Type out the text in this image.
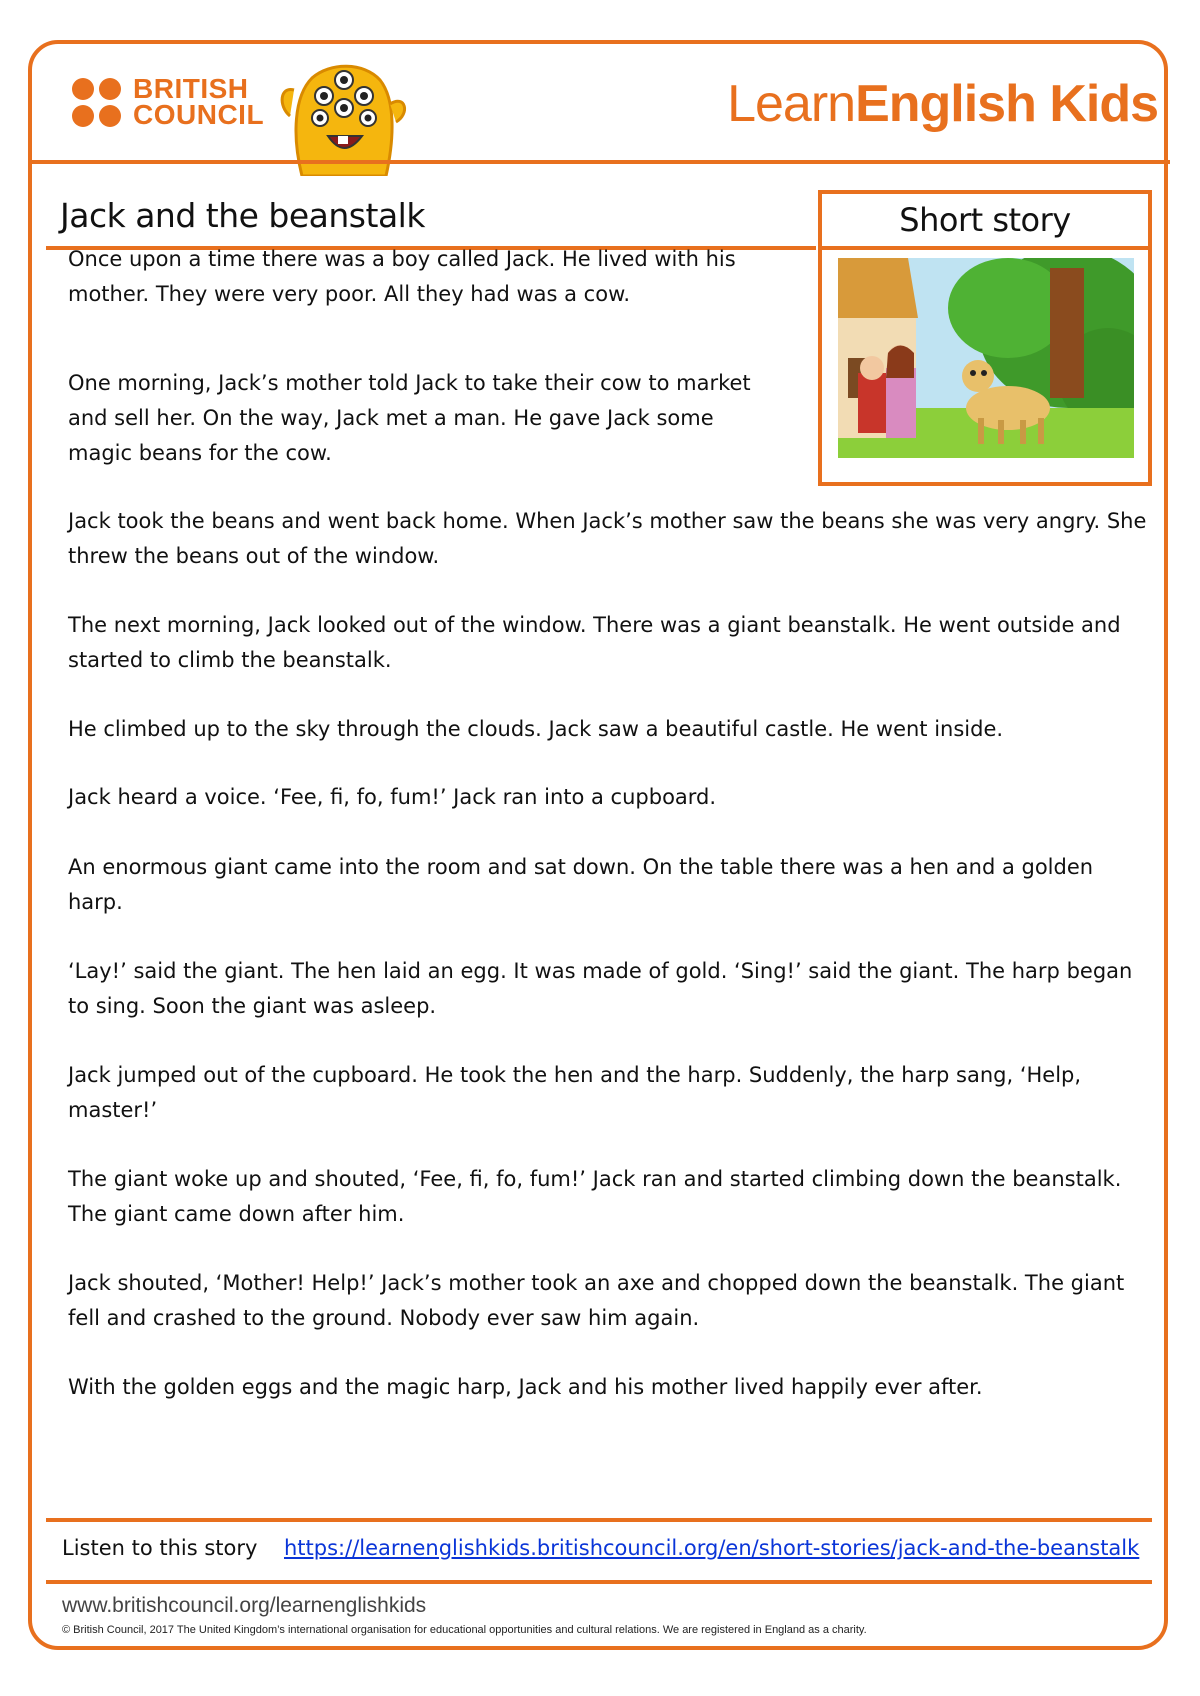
BRITISH
COUNCIL	LearnEnglish Kids
Jack and the beanstalk	Short story

Once upon a time there was a boy called Jack. He lived with his mother. They were very poor. All they had was a cow.

One morning, Jack’s mother told Jack to take their cow to market and sell her. On the way, Jack met a man. He gave Jack some magic beans for the cow.

Jack took the beans and went back home. When Jack’s mother saw the beans she was very angry. She threw the beans out of the window.

The next morning, Jack looked out of the window. There was a giant beanstalk. He went outside and started to climb the beanstalk.

He climbed up to the sky through the clouds. Jack saw a beautiful castle. He went inside.

Jack heard a voice. ‘Fee, fi, fo, fum!’ Jack ran into a cupboard.

An enormous giant came into the room and sat down. On the table there was a hen and a golden harp.

‘Lay!’ said the giant. The hen laid an egg. It was made of gold. ‘Sing!’ said the giant. The harp began to sing. Soon the giant was asleep.

Jack jumped out of the cupboard. He took the hen and the harp. Suddenly, the harp sang, ‘Help, master!’

The giant woke up and shouted, ‘Fee, fi, fo, fum!’ Jack ran and started climbing down the beanstalk. The giant came down after him.

Jack shouted, ‘Mother! Help!’ Jack’s mother took an axe and chopped down the beanstalk. The giant fell and crashed to the ground. Nobody ever saw him again.

With the golden eggs and the magic harp, Jack and his mother lived happily ever after.

Listen to this story https://learnenglishkids.britishcouncil.org/en/short-stories/jack-and-the-beanstalk
www.britishcouncil.org/learnenglishkids
© British Council, 2017 The United Kingdom’s international organisation for educational opportunities and cultural relations. We are registered in England as a charity.
